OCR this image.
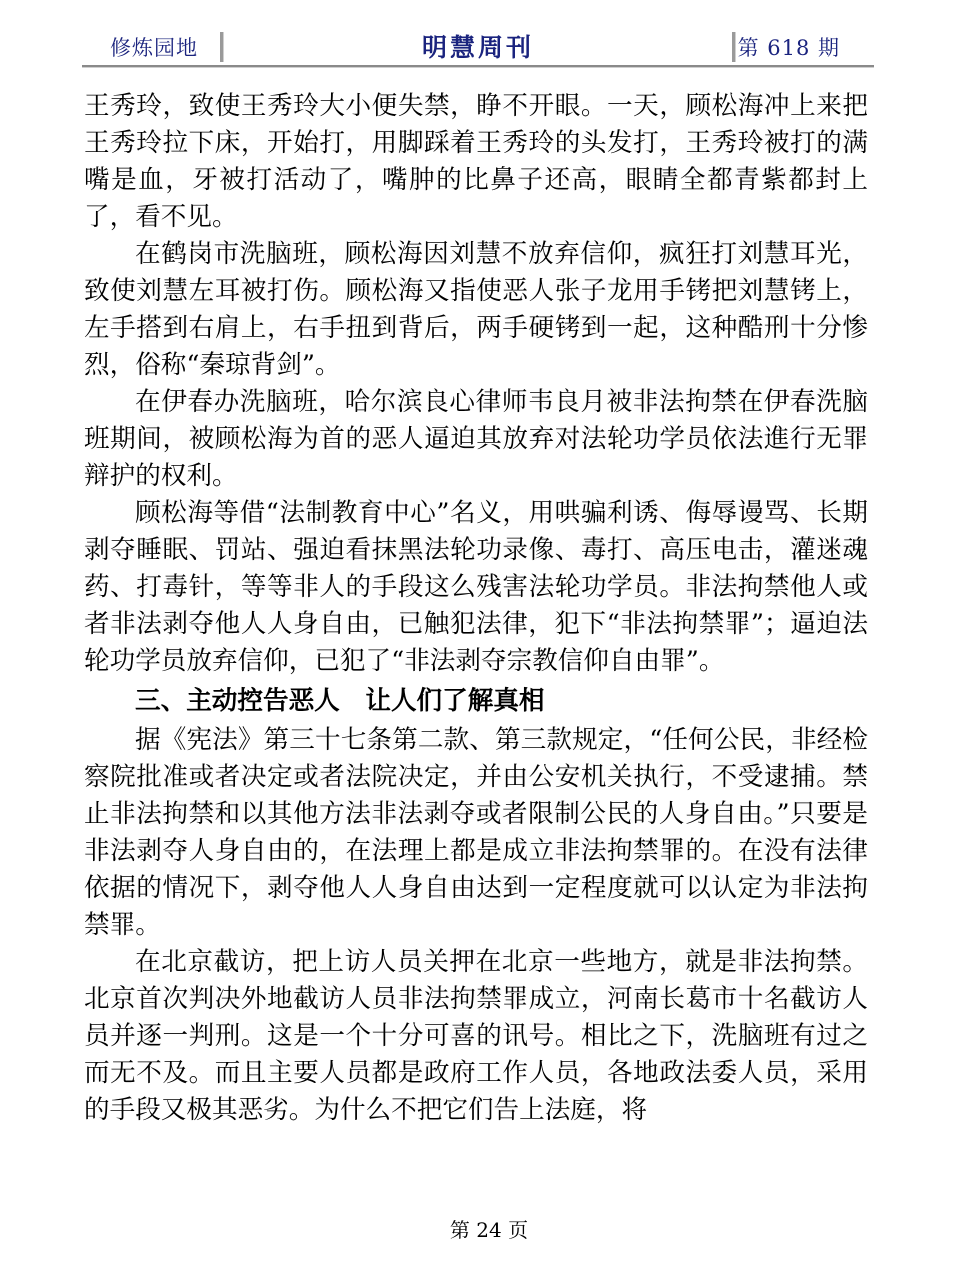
修炼园地	明慧周刊	第 618 期

王秀玲，致使王秀玲大小便失禁，睁不开眼。一天，顾松海冲上来把王秀玲拉下床，开始打，用脚踩着王秀玲的头发打，王秀玲被打的满嘴是血，牙被打活动了，嘴肿的比鼻子还高，眼睛全都青紫都封上了，看不见。

在鹤岗市洗脑班，顾松海因刘慧不放弃信仰，疯狂打刘慧耳光，致使刘慧左耳被打伤。顾松海又指使恶人张子龙用手铐把刘慧铐上，左手搭到右肩上，右手扭到背后，两手硬铐到一起，这种酷刑十分惨烈，俗称“秦琼背剑”。

在伊春办洗脑班，哈尔滨良心律师韦良月被非法拘禁在伊春洗脑班期间，被顾松海为首的恶人逼迫其放弃对法轮功学员依法進行无罪辩护的权利。

顾松海等借“法制教育中心”名义，用哄骗利诱、侮辱谩骂、长期剥夺睡眠、罚站、强迫看抹黑法轮功录像、毒打、高压电击，灌迷魂药、打毒针，等等非人的手段这么残害法轮功学员。非法拘禁他人或者非法剥夺他人人身自由，已触犯法律，犯下“非法拘禁罪”；逼迫法轮功学员放弃信仰，已犯了“非法剥夺宗教信仰自由罪”。

三、主动控告恶人　让人们了解真相

据《宪法》第三十七条第二款、第三款规定，“任何公民，非经检察院批准或者决定或者法院决定，并由公安机关执行，不受逮捕。禁止非法拘禁和以其他方法非法剥夺或者限制公民的人身自由。”只要是非法剥夺人身自由的，在法理上都是成立非法拘禁罪的。在没有法律依据的情况下，剥夺他人人身自由达到一定程度就可以认定为非法拘禁罪。

在北京截访，把上访人员关押在北京一些地方，就是非法拘禁。北京首次判决外地截访人员非法拘禁罪成立，河南长葛市十名截访人员并逐一判刑。这是一个十分可喜的讯号。相比之下，洗脑班有过之而无不及。而且主要人员都是政府工作人员，各地政法委人员，采用的手段又极其恶劣。为什么不把它们告上法庭，将

第 24 页
